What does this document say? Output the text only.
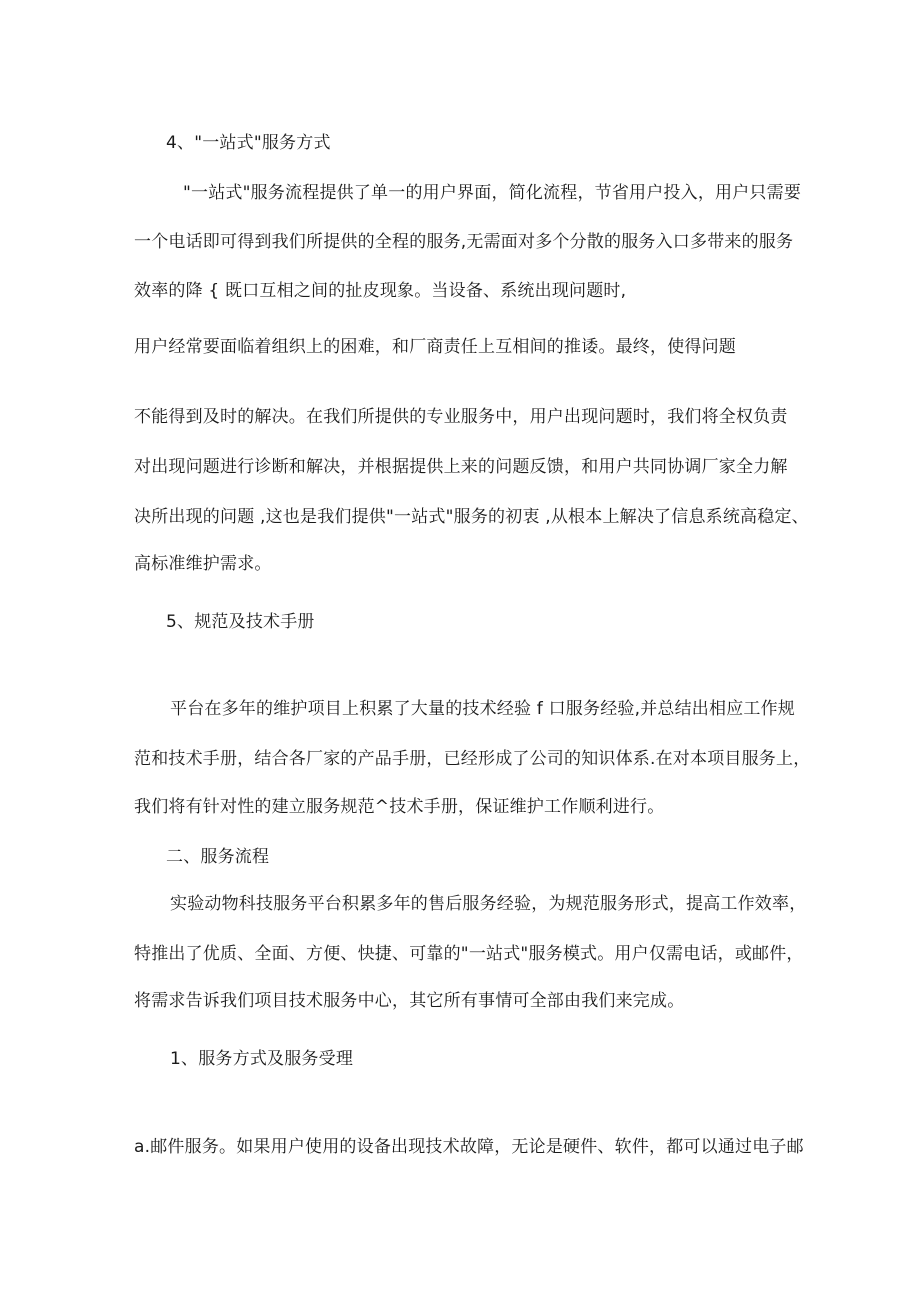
4、"一站式"服务方式
"一站式"服务流程提供了单一的用户界面，简化流程，节省用户投入，用户只需要
一个电话即可得到我们所提供的全程的服务,无需面对多个分散的服务入口多带来的服务
效率的降 { 既口互相之间的扯皮现象。当设备、系统出现问题时,
用户经常要面临着组织上的困难，和厂商责任上互相间的推诿。最终，使得问题
不能得到及时的解决。在我们所提供的专业服务中，用户出现问题时，我们将全权负责
对出现问题进行诊断和解决，并根据提供上来的问题反馈，和用户共同协调厂家全力解
决所出现的问题 ,这也是我们提供"一站式"服务的初衷 ,从根本上解决了信息系统高稳定、
高标准维护需求。
5、规范及技术手册
平台在多年的维护项目上积累了大量的技术经验 f 口服务经验,并总结出相应工作规
范和技术手册，结合各厂家的产品手册，已经形成了公司的知识体系.在对本项目服务上，
我们将有针对性的建立服务规范^技术手册，保证维护工作顺利进行。
二、服务流程
实验动物科技服务平台积累多年的售后服务经验，为规范服务形式，提高工作效率，
特推出了优质、全面、方便、快捷、可靠的"一站式"服务模式。用户仅需电话，或邮件，
将需求告诉我们项目技术服务中心，其它所有事情可全部由我们来完成。
1、服务方式及服务受理
a.邮件服务。如果用户使用的设备出现技术故障，无论是硬件、软件，都可以通过电子邮
